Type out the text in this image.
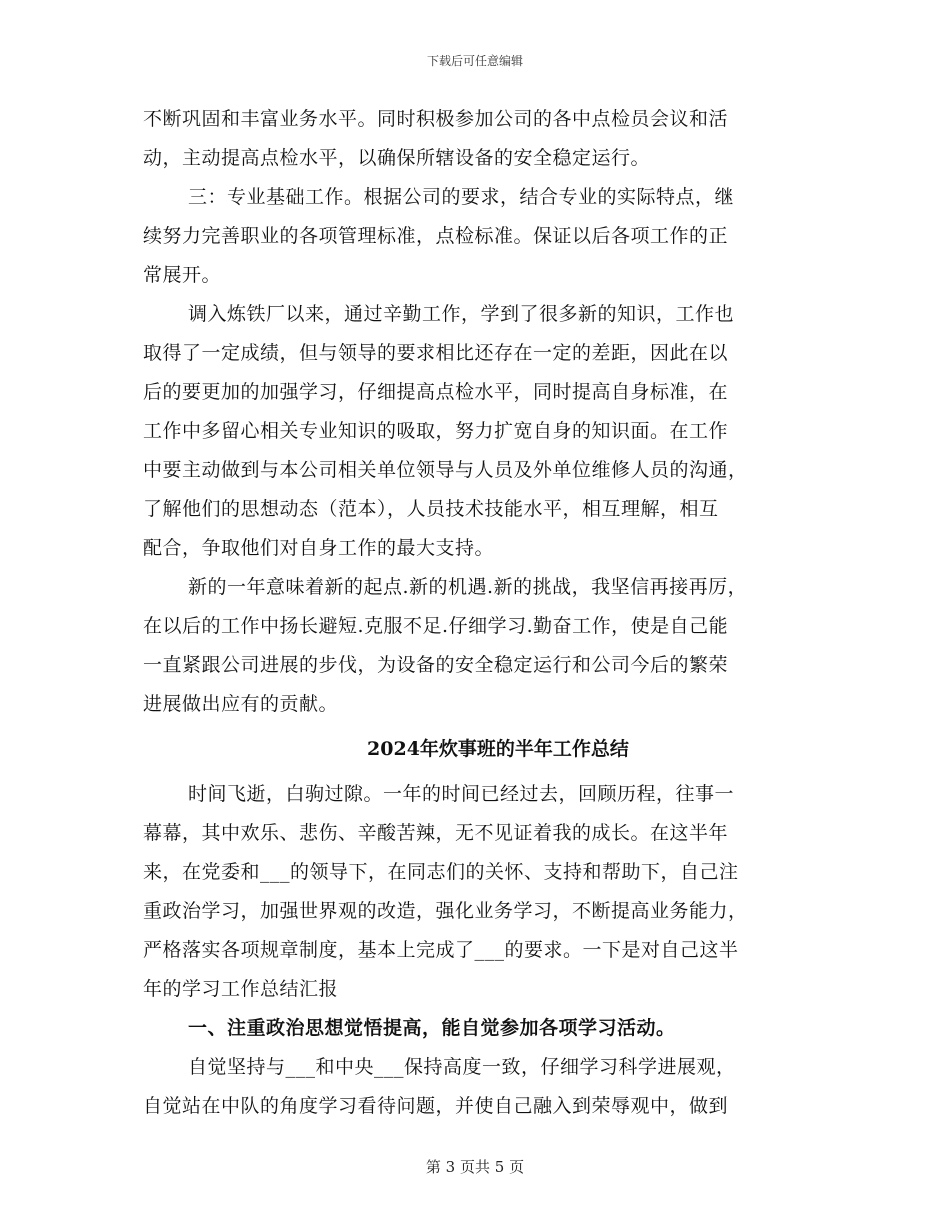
下载后可任意编辑
不断巩固和丰富业务水平。同时积极参加公司的各中点检员会议和活
动，主动提高点检水平，以确保所辖设备的安全稳定运行。
三：专业基础工作。根据公司的要求，结合专业的实际特点，继
续努力完善职业的各项管理标准，点检标准。保证以后各项工作的正
常展开。
调入炼铁厂以来，通过辛勤工作，学到了很多新的知识，工作也
取得了一定成绩，但与领导的要求相比还存在一定的差距，因此在以
后的要更加的加强学习，仔细提高点检水平，同时提高自身标准，在
工作中多留心相关专业知识的吸取，努力扩宽自身的知识面。在工作
中要主动做到与本公司相关单位领导与人员及外单位维修人员的沟通，
了解他们的思想动态（范本），人员技术技能水平，相互理解，相互
配合，争取他们对自身工作的最大支持。
新的一年意味着新的起点.新的机遇.新的挑战，我坚信再接再厉，
在以后的工作中扬长避短.克服不足.仔细学习.勤奋工作，使是自己能
一直紧跟公司进展的步伐，为设备的安全稳定运行和公司今后的繁荣
进展做出应有的贡献。
2024年炊事班的半年工作总结
时间飞逝，白驹过隙。一年的时间已经过去，回顾历程，往事一
幕幕，其中欢乐、悲伤、辛酸苦辣，无不见证着我的成长。在这半年
来，在党委和___的领导下，在同志们的关怀、支持和帮助下，自己注
重政治学习，加强世界观的改造，强化业务学习，不断提高业务能力，
严格落实各项规章制度，基本上完成了___的要求。一下是对自己这半
年的学习工作总结汇报
一、注重政治思想觉悟提高，能自觉参加各项学习活动。
自觉坚持与___和中央___保持高度一致，仔细学习科学进展观，
自觉站在中队的角度学习看待问题，并使自己融入到荣辱观中，做到
第 3 页共 5 页
